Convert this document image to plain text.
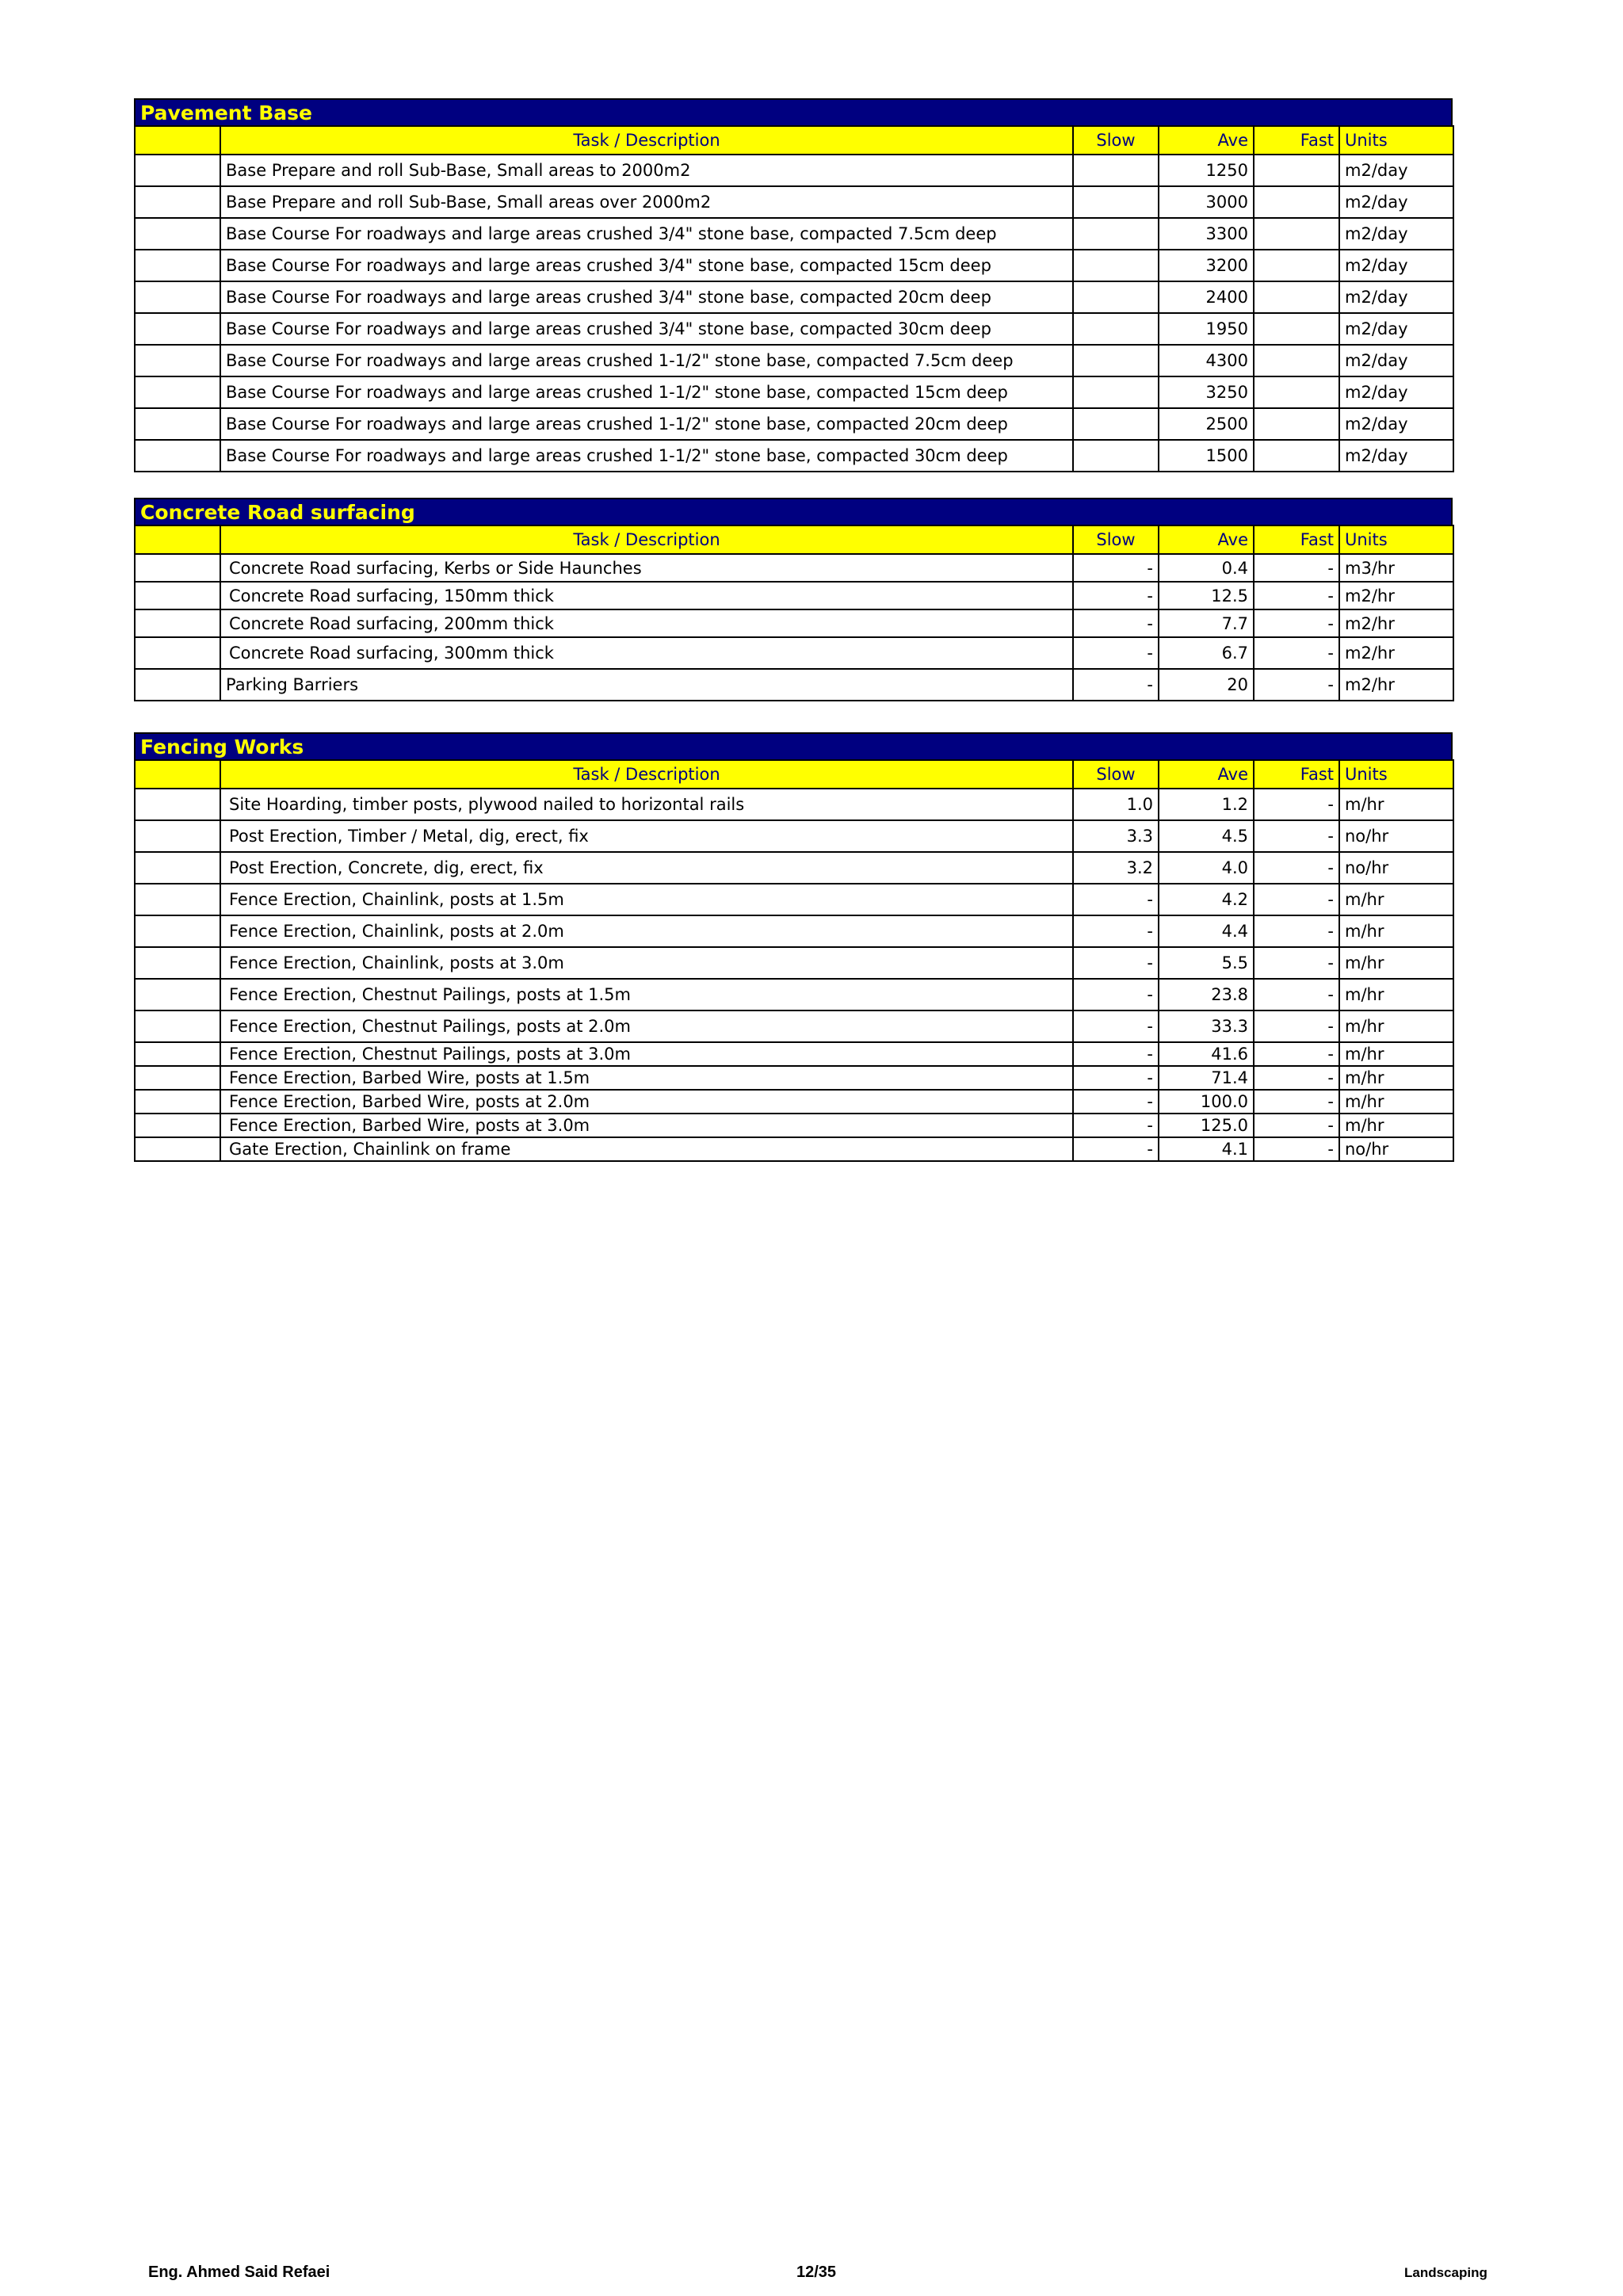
Pavement Base
	Task / Description	Slow	Ave	Fast	Units
	Base Prepare and roll Sub-Base, Small areas to 2000m2		1250		m2/day
	Base Prepare and roll Sub-Base, Small areas over 2000m2		3000		m2/day
	Base Course For roadways and large areas crushed 3/4" stone base, compacted 7.5cm deep		3300		m2/day
	Base Course For roadways and large areas crushed 3/4" stone base, compacted 15cm deep		3200		m2/day
	Base Course For roadways and large areas crushed 3/4" stone base, compacted 20cm deep		2400		m2/day
	Base Course For roadways and large areas crushed 3/4" stone base, compacted 30cm deep		1950		m2/day
	Base Course For roadways and large areas crushed 1-1/2" stone base, compacted 7.5cm deep		4300		m2/day
	Base Course For roadways and large areas crushed 1-1/2" stone base, compacted 15cm deep		3250		m2/day
	Base Course For roadways and large areas crushed 1-1/2" stone base, compacted 20cm deep		2500		m2/day
	Base Course For roadways and large areas crushed 1-1/2" stone base, compacted 30cm deep		1500		m2/day
Concrete Road surfacing
	Task / Description	Slow	Ave	Fast	Units
	Concrete Road surfacing, Kerbs or Side Haunches	-	0.4	-	m3/hr
	Concrete Road surfacing, 150mm thick	-	12.5	-	m2/hr
	Concrete Road surfacing, 200mm thick	-	7.7	-	m2/hr
	Concrete Road surfacing, 300mm thick	-	6.7	-	m2/hr
	Parking Barriers	-	20	-	m2/hr
Fencing Works
	Task / Description	Slow	Ave	Fast	Units
	Site Hoarding, timber posts, plywood nailed to horizontal rails	1.0	1.2	-	m/hr
	Post Erection, Timber / Metal, dig, erect, fix	3.3	4.5	-	no/hr
	Post Erection, Concrete, dig, erect, fix	3.2	4.0	-	no/hr
	Fence Erection, Chainlink, posts at 1.5m	-	4.2	-	m/hr
	Fence Erection, Chainlink, posts at 2.0m	-	4.4	-	m/hr
	Fence Erection, Chainlink, posts at 3.0m	-	5.5	-	m/hr
	Fence Erection, Chestnut Pailings, posts at 1.5m	-	23.8	-	m/hr
	Fence Erection, Chestnut Pailings, posts at 2.0m	-	33.3	-	m/hr
	Fence Erection, Chestnut Pailings, posts at 3.0m	-	41.6	-	m/hr
	Fence Erection, Barbed Wire, posts at 1.5m	-	71.4	-	m/hr
	Fence Erection, Barbed Wire, posts at 2.0m	-	100.0	-	m/hr
	Fence Erection, Barbed Wire, posts at 3.0m	-	125.0	-	m/hr
	Gate Erection, Chainlink on frame	-	4.1	-	no/hr
Eng. Ahmed Said Refaei	12/35	Landscaping
